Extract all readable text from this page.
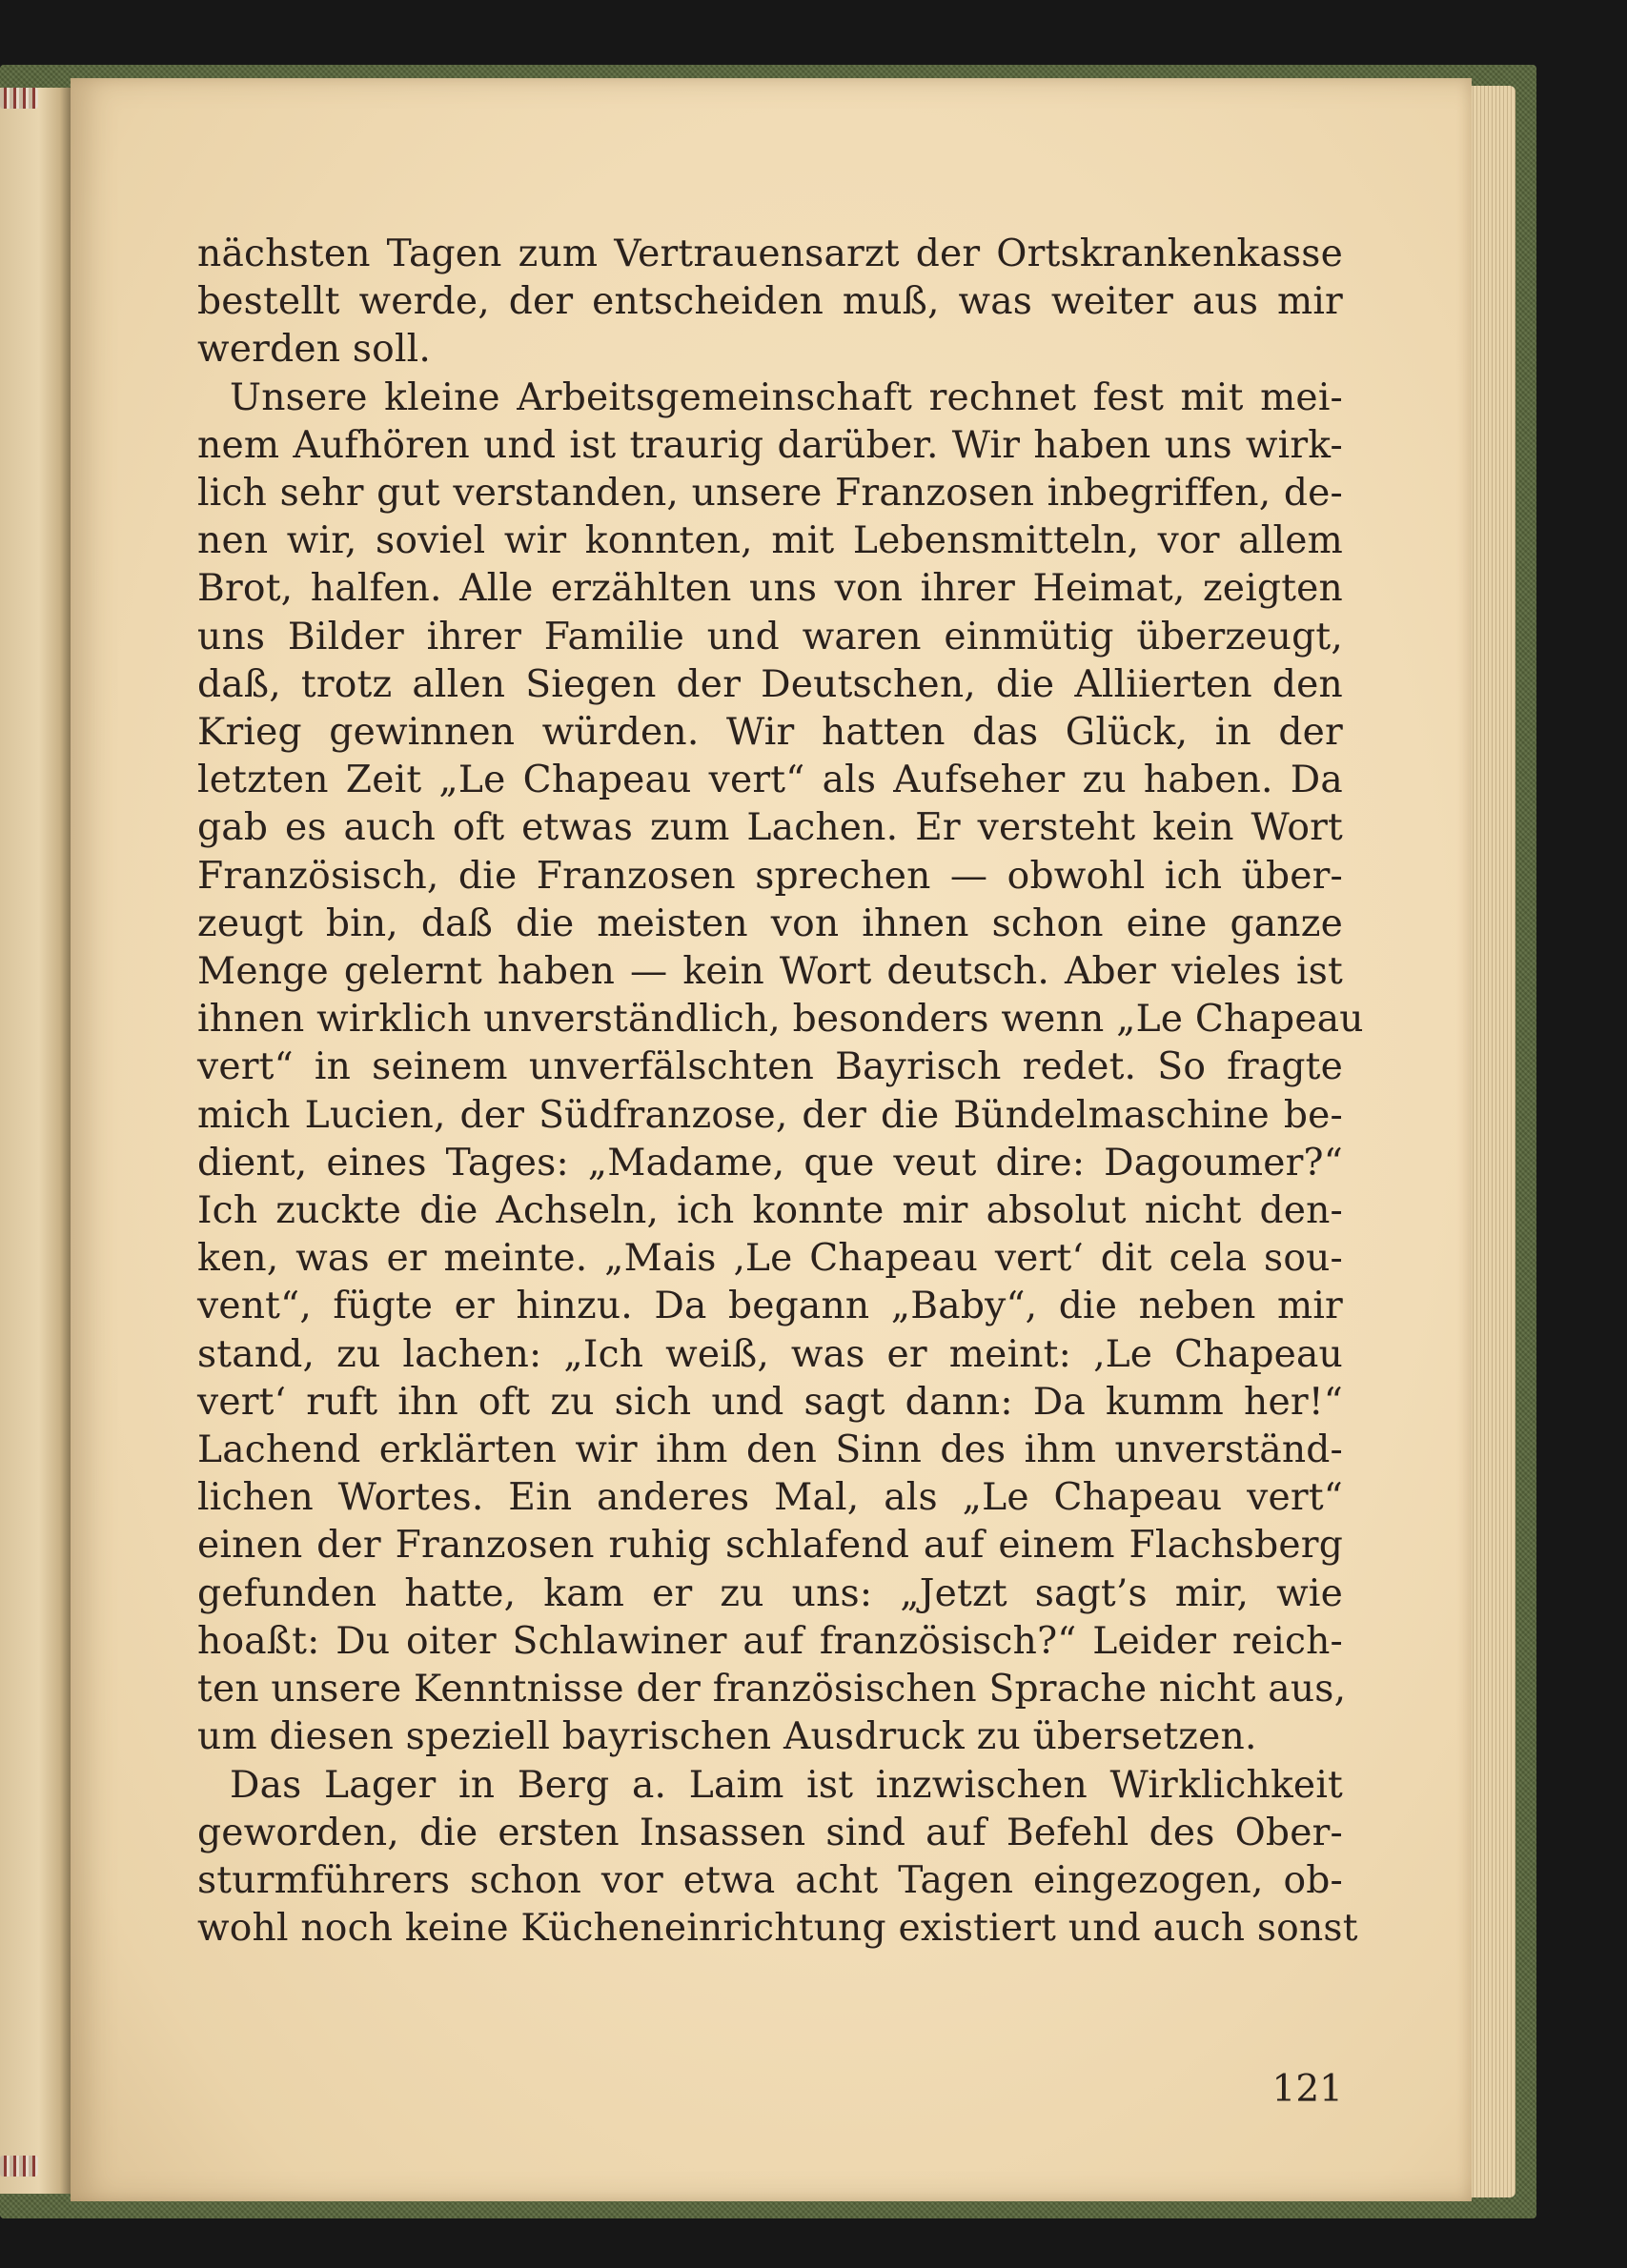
nächsten Tagen zum Vertrauensarzt der Ortskrankenkasse
bestellt werde, der entscheiden muß, was weiter aus mir
werden soll.
Unsere kleine Arbeitsgemeinschaft rechnet fest mit mei-
nem Aufhören und ist traurig darüber. Wir haben uns wirk-
lich sehr gut verstanden, unsere Franzosen inbegriffen, de-
nen wir, soviel wir konnten, mit Lebensmitteln, vor allem
Brot, halfen. Alle erzählten uns von ihrer Heimat, zeigten
uns Bilder ihrer Familie und waren einmütig überzeugt,
daß, trotz allen Siegen der Deutschen, die Alliierten den
Krieg gewinnen würden. Wir hatten das Glück, in der
letzten Zeit „Le Chapeau vert“ als Aufseher zu haben. Da
gab es auch oft etwas zum Lachen. Er versteht kein Wort
Französisch, die Franzosen sprechen — obwohl ich über-
zeugt bin, daß die meisten von ihnen schon eine ganze
Menge gelernt haben — kein Wort deutsch. Aber vieles ist
ihnen wirklich unverständlich, besonders wenn „Le Chapeau
vert“ in seinem unverfälschten Bayrisch redet. So fragte
mich Lucien, der Südfranzose, der die Bündelmaschine be-
dient, eines Tages: „Madame, que veut dire: Dagoumer?“
Ich zuckte die Achseln, ich konnte mir absolut nicht den-
ken, was er meinte. „Mais ‚Le Chapeau vert‘ dit cela sou-
vent“, fügte er hinzu. Da begann „Baby“, die neben mir
stand, zu lachen: „Ich weiß, was er meint: ‚Le Chapeau
vert‘ ruft ihn oft zu sich und sagt dann: Da kumm her!“
Lachend erklärten wir ihm den Sinn des ihm unverständ-
lichen Wortes. Ein anderes Mal, als „Le Chapeau vert“
einen der Franzosen ruhig schlafend auf einem Flachsberg
gefunden hatte, kam er zu uns: „Jetzt sagt’s mir, wie
hoaßt: Du oiter Schlawiner auf französisch?“ Leider reich-
ten unsere Kenntnisse der französischen Sprache nicht aus,
um diesen speziell bayrischen Ausdruck zu übersetzen.
Das Lager in Berg a. Laim ist inzwischen Wirklichkeit
geworden, die ersten Insassen sind auf Befehl des Ober-
sturmführers schon vor etwa acht Tagen eingezogen, ob-
wohl noch keine Kücheneinrichtung existiert und auch sonst
121
